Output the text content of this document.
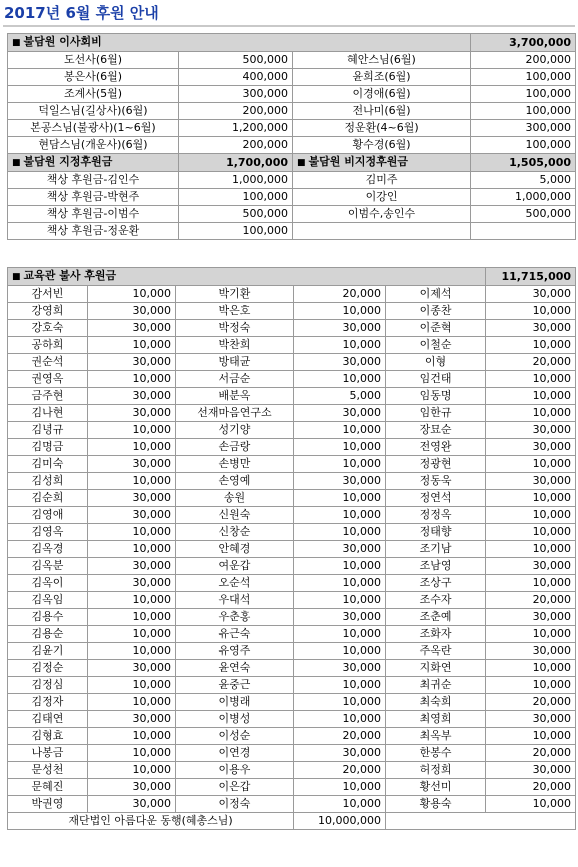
2017년 6월 후원 안내
■ 불담원 이사회비			3,700,000
도선사(6월)	500,000	혜안스님(6월)	200,000
봉은사(6월)	400,000	윤희조(6월)	100,000
조계사(5월)	300,000	이경애(6월)	100,000
덕일스님(길상사)(6월)	200,000	전나미(6월)	100,000
본공스님(불광사)(1~6월)	1,200,000	정운환(4~6월)	300,000
현담스님(개운사)(6월)	200,000	황수경(6월)	100,000
■ 불담원 지정후원금	1,700,000	■ 불담원 비지정후원금	1,505,000
책상 후원금-김인수	1,000,000	김미주	5,000
책상 후원금-박현주	100,000	이강인	1,000,000
책상 후원금-이범수	500,000	이범수,송인수	500,000
책상 후원금-정운환	100,000		
■ 교육관 불사 후원금					11,715,000
감서빈	10,000	박기환	20,000	이제석	30,000
강영희	30,000	박은호	10,000	이종찬	10,000
강호숙	30,000	박정숙	30,000	이준혁	30,000
공하희	10,000	박찬희	10,000	이철순	10,000
권순석	30,000	방태균	30,000	이형	20,000
권영옥	10,000	서금순	10,000	임건태	10,000
금주현	30,000	배분옥	5,000	임동명	10,000
김나현	30,000	선재마음연구소	30,000	임한규	10,000
김녕규	10,000	성기양	10,000	장묘순	30,000
김명금	10,000	손금랑	10,000	전영완	30,000
김미숙	30,000	손병만	10,000	정광현	10,000
김성희	10,000	손영예	30,000	정동욱	30,000
김순희	30,000	송원	10,000	정연석	10,000
김영애	30,000	신원숙	10,000	정정옥	10,000
김영옥	10,000	신창순	10,000	정태향	10,000
김옥경	10,000	안혜경	30,000	조기남	10,000
김옥분	30,000	여운갑	10,000	조남영	30,000
김옥이	30,000	오순석	10,000	조상구	10,000
김옥임	10,000	우대석	10,000	조수자	20,000
김용수	10,000	우춘홍	30,000	조춘예	30,000
김용순	10,000	유근숙	10,000	조화자	10,000
김윤기	10,000	유영주	10,000	주옥란	30,000
김정순	30,000	윤연숙	30,000	지화연	10,000
김정심	10,000	윤중근	10,000	최귀순	10,000
김정자	10,000	이병래	10,000	최숙희	20,000
김태연	30,000	이병성	10,000	최영희	30,000
김형효	10,000	이성순	20,000	최옥부	10,000
나봉금	10,000	이연경	30,000	한봉수	20,000
문성천	10,000	이용우	20,000	허정희	30,000
문혜진	30,000	이은갑	10,000	황선미	20,000
박권영	30,000	이정숙	10,000	황용숙	10,000
재단법인 아름다운 동행(혜총스님)			10,000,000		
